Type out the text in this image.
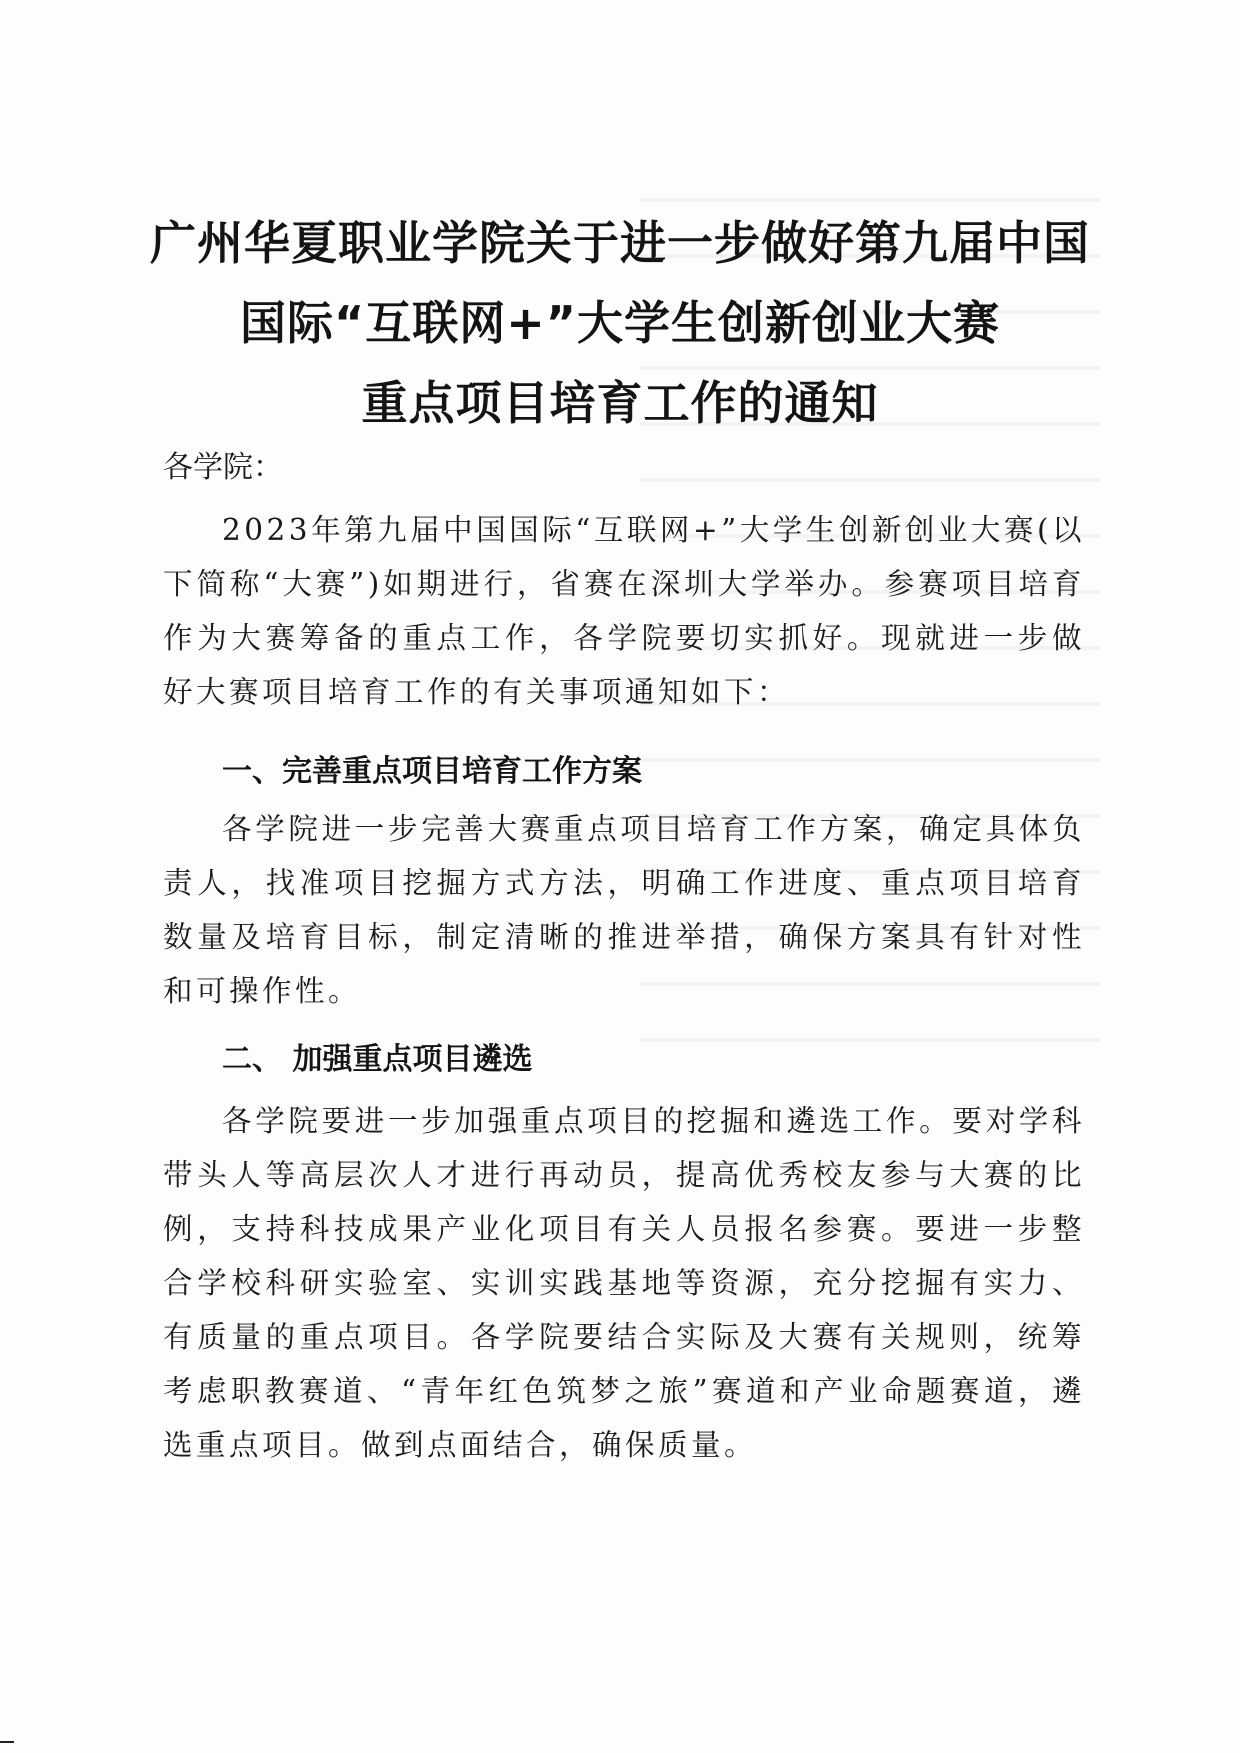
广州华夏职业学院关于进一步做好第九届中国
国际“互联网+”大学生创新创业大赛
重点项目培育工作的通知

各学院：

2023年第九届中国国际“互联网+”大学生创新创业大赛(以下简称“大赛”)如期进行，省赛在深圳大学举办。参赛项目培育作为大赛筹备的重点工作，各学院要切实抓好。现就进一步做好大赛项目培育工作的有关事项通知如下：

一、完善重点项目培育工作方案

各学院进一步完善大赛重点项目培育工作方案，确定具体负责人，找准项目挖掘方式方法，明确工作进度、重点项目培育数量及培育目标，制定清晰的推进举措，确保方案具有针对性和可操作性。

二、 加强重点项目遴选

各学院要进一步加强重点项目的挖掘和遴选工作。要对学科带头人等高层次人才进行再动员，提高优秀校友参与大赛的比例，支持科技成果产业化项目有关人员报名参赛。要进一步整合学校科研实验室、实训实践基地等资源，充分挖掘有实力、有质量的重点项目。各学院要结合实际及大赛有关规则，统筹考虑职教赛道、“青年红色筑梦之旅”赛道和产业命题赛道，遴选重点项目。做到点面结合，确保质量。
